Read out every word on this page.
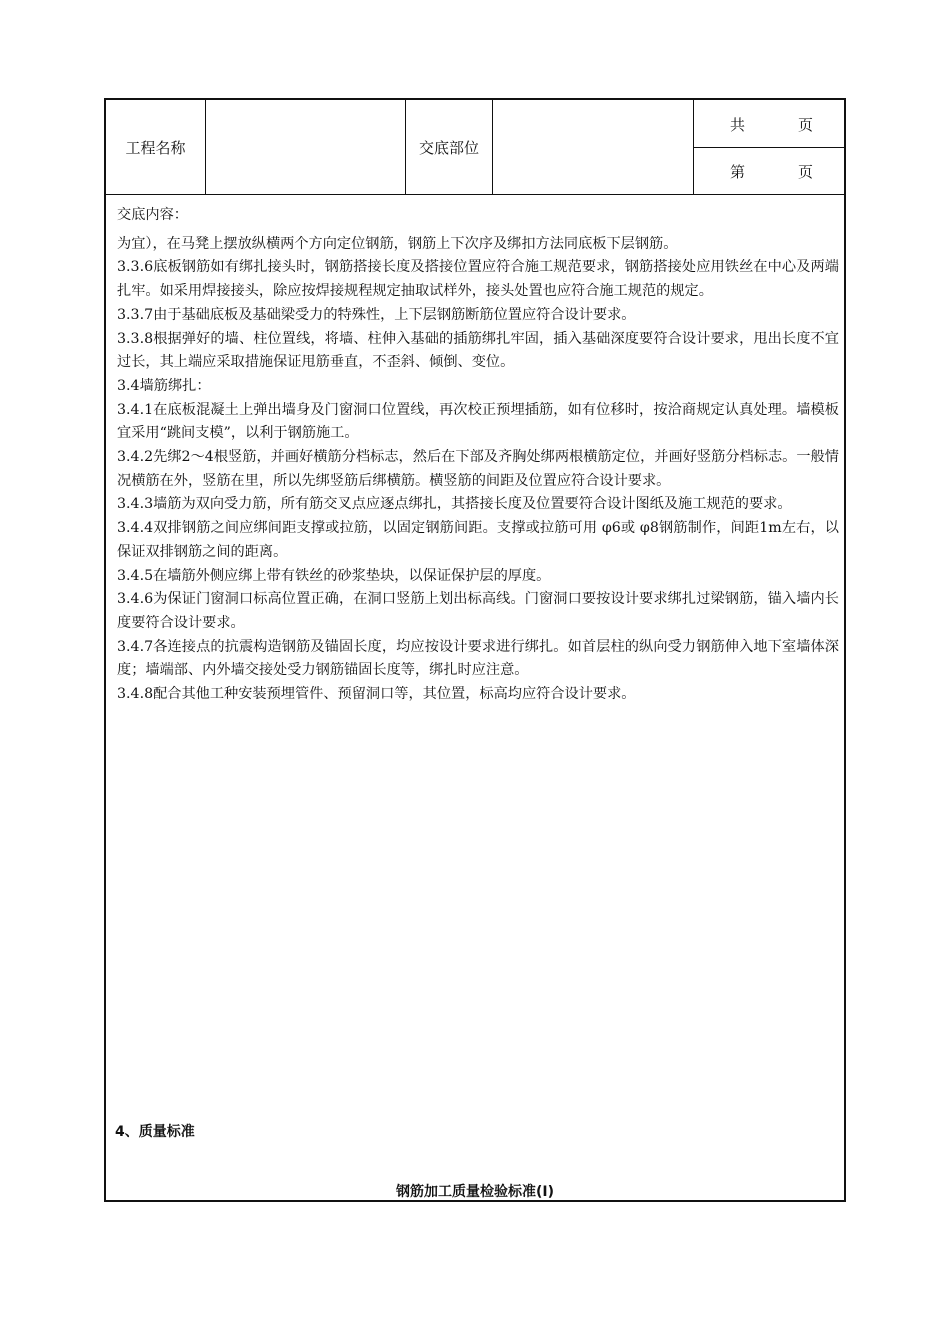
工程名称	交底部位
共	页
第	页

交底内容：

为宜），在马凳上摆放纵横两个方向定位钢筋，钢筋上下次序及绑扣方法同底板下层钢筋。

3.3.6底板钢筋如有绑扎接头时，钢筋搭接长度及搭接位置应符合施工规范要求，钢筋搭接处应用铁丝在中心及两端扎牢。如采用焊接接头，除应按焊接规程规定抽取试样外，接头处置也应符合施工规范的规定。

3.3.7由于基础底板及基础梁受力的特殊性，上下层钢筋断筋位置应符合设计要求。

3.3.8根据弹好的墙、柱位置线，将墙、柱伸入基础的插筋绑扎牢固，插入基础深度要符合设计要求，甩出长度不宜过长，其上端应采取措施保证甩筋垂直，不歪斜、倾倒、变位。

3.4墙筋绑扎：

3.4.1在底板混凝土上弹出墙身及门窗洞口位置线，再次校正预埋插筋，如有位移时，按洽商规定认真处理。墙模板宜采用“跳间支模”，以利于钢筋施工。

3.4.2先绑2～4根竖筋，并画好横筋分档标志，然后在下部及齐胸处绑两根横筋定位，并画好竖筋分档标志。一般情况横筋在外，竖筋在里，所以先绑竖筋后绑横筋。横竖筋的间距及位置应符合设计要求。

3.4.3墙筋为双向受力筋，所有筋交叉点应逐点绑扎，其搭接长度及位置要符合设计图纸及施工规范的要求。

3.4.4双排钢筋之间应绑间距支撑或拉筋，以固定钢筋间距。支撑或拉筋可用 φ6或 φ8钢筋制作，间距1m左右，以保证双排钢筋之间的距离。

3.4.5在墙筋外侧应绑上带有铁丝的砂浆垫块，以保证保护层的厚度。

3.4.6为保证门窗洞口标高位置正确，在洞口竖筋上划出标高线。门窗洞口要按设计要求绑扎过梁钢筋，锚入墙内长度要符合设计要求。

3.4.7各连接点的抗震构造钢筋及锚固长度，均应按设计要求进行绑扎。如首层柱的纵向受力钢筋伸入地下室墙体深度；墙端部、内外墙交接处受力钢筋锚固长度等，绑扎时应注意。

3.4.8配合其他工种安装预埋管件、预留洞口等，其位置，标高均应符合设计要求。

4、质量标准
钢筋加工质量检验标准(I)
